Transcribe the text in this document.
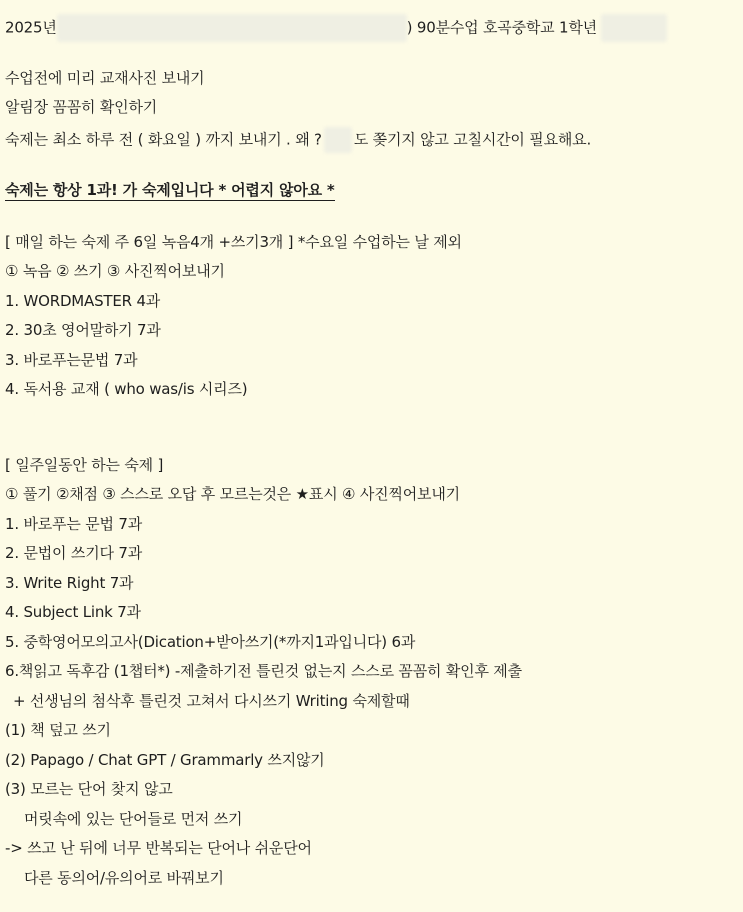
2025년	) 90분수업 호곡중학교 1학년
수업전에 미리 교재사진 보내기
알림장 꼼꼼히 확인하기
숙제는 최소 하루 전 ( 화요일 ) 까지 보내기 . 왜 ? 도 쫒기지 않고 고칠시간이 필요해요.
숙제는 항상 1과! 가 숙제입니다 * 어렵지 않아요 *
[ 매일 하는 숙제 주 6일 녹음4개 +쓰기3개 ] *수요일 수업하는 날 제외
① 녹음 ② 쓰기 ③ 사진찍어보내기
1. WORDMASTER 4과
2. 30초 영어말하기 7과
3. 바로푸는문법 7과
4. 독서용 교재 ( who was/is 시리즈)
[ 일주일동안 하는 숙제 ]
① 풀기 ②채점 ③ 스스로 오답 후 모르는것은 ★표시 ④ 사진찍어보내기
1. 바로푸는 문법 7과
2. 문법이 쓰기다 7과
3. Write Right 7과
4. Subject Link 7과
5. 중학영어모의고사(Dication+받아쓰기(*까지1과입니다) 6과
6.책읽고 독후감 (1챕터*) -제출하기전 틀린것 없는지 스스로 꼼꼼히 확인후 제출
+ 선생님의 첨삭후 틀린것 고쳐서 다시쓰기 Writing 숙제할때
(1) 책 덮고 쓰기
(2) Papago / Chat GPT / Grammarly 쓰지않기
(3) 모르는 단어 찾지 않고
머릿속에 있는 단어들로 먼저 쓰기
-> 쓰고 난 뒤에 너무 반복되는 단어나 쉬운단어
다른 동의어/유의어로 바꿔보기
